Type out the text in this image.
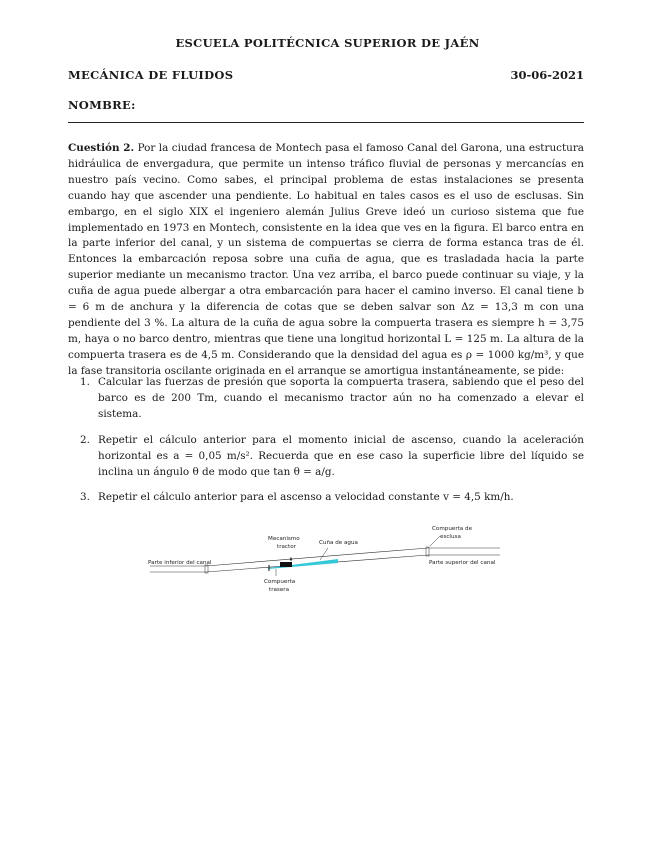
ESCUELA POLITÉCNICA SUPERIOR DE JAÉN
MECÁNICA DE FLUIDOS	30-06-2021
NOMBRE:
Cuestión 2. Por la ciudad francesa de Montech pasa el famoso Canal del Garona, una estructura hidráulica de envergadura, que permite un intenso tráfico fluvial de personas y mercancías en nuestro país vecino. Como sabes, el principal problema de estas instalaciones se presenta cuando hay que ascender una pendiente. Lo habitual en tales casos es el uso de esclusas. Sin embargo, en el siglo XIX el ingeniero alemán Julius Greve ideó un curioso sistema que fue implementado en 1973 en Montech, consistente en la idea que ves en la figura. El barco entra en la parte inferior del canal, y un sistema de compuertas se cierra de forma estanca tras de él. Entonces la embarcación reposa sobre una cuña de agua, que es trasladada hacia la parte superior mediante un mecanismo tractor. Una vez arriba, el barco puede continuar su viaje, y la cuña de agua puede albergar a otra embarcación para hacer el camino inverso. El canal tiene b = 6 m de anchura y la diferencia de cotas que se deben salvar son Δz = 13,3 m con una pendiente del 3 %. La altura de la cuña de agua sobre la compuerta trasera es siempre h = 3,75 m, haya o no barco dentro, mientras que tiene una longitud horizontal L = 125 m. La altura de la compuerta trasera es de 4,5 m. Considerando que la densidad del agua es ρ = 1000 kg/m³, y que la fase transitoria oscilante originada en el arranque se amortigua instantáneamente, se pide:
1. Calcular las fuerzas de presión que soporta la compuerta trasera, sabiendo que el peso del barco es de 200 Tm, cuando el mecanismo tractor aún no ha comenzado a elevar el sistema.
2. Repetir el cálculo anterior para el momento inicial de ascenso, cuando la aceleración horizontal es a = 0,05 m/s². Recuerda que en ese caso la superficie libre del líquido se inclina un ángulo θ de modo que tan θ = a/g.
3. Repetir el cálculo anterior para el ascenso a velocidad constante v = 4,5 km/h.
Parte inferior del canal	Parte superior del canal
Mecanismo
tractor
Cuña de agua
Compuerta de
esclusa
Compuerta
trasera
